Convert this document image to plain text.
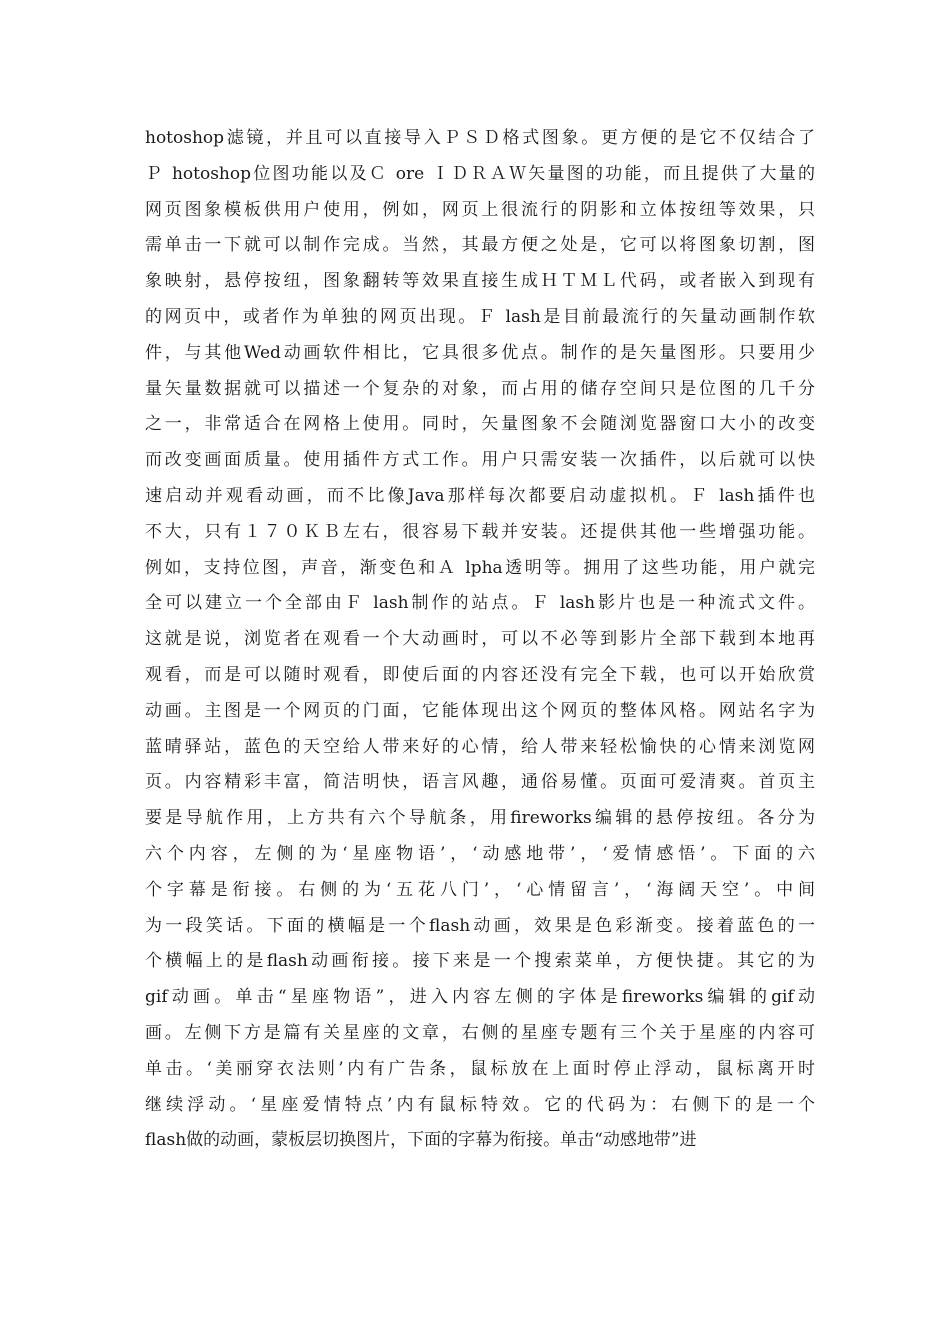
hotoshop滤镜，并且可以直接导入ＰＳＤ格式图象。更方便的是它不仅结合了
Ｐ hotoshop位图功能以及Ｃ ore ＩＤＲＡＷ矢量图的功能，而且提供了大量的
网页图象模板供用户使用，例如，网页上很流行的阴影和立体按纽等效果，只
需单击一下就可以制作完成。当然，其最方便之处是，它可以将图象切割，图
象映射，悬停按纽，图象翻转等效果直接生成ＨＴＭＬ代码，或者嵌入到现有
的网页中，或者作为单独的网页出现。Ｆ lash是目前最流行的矢量动画制作软
件，与其他Wed动画软件相比，它具很多优点。制作的是矢量图形。只要用少
量矢量数据就可以描述一个复杂的对象，而占用的储存空间只是位图的几千分
之一，非常适合在网格上使用。同时，矢量图象不会随浏览器窗口大小的改变
而改变画面质量。使用插件方式工作。用户只需安装一次插件，以后就可以快
速启动并观看动画，而不比像Java那样每次都要启动虚拟机。Ｆ lash插件也
不大，只有１７０ＫＢ左右，很容易下载并安装。还提供其他一些增强功能。
例如，支持位图，声音，渐变色和Ａ lpha透明等。拥用了这些功能，用户就完
全可以建立一个全部由Ｆ lash制作的站点。Ｆ lash影片也是一种流式文件。
这就是说，浏览者在观看一个大动画时，可以不必等到影片全部下载到本地再
观看，而是可以随时观看，即使后面的内容还没有完全下载，也可以开始欣赏
动画。主图是一个网页的门面，它能体现出这个网页的整体风格。网站名字为
蓝晴驿站，蓝色的天空给人带来好的心情，给人带来轻松愉快的心情来浏览网
页。内容精彩丰富，简洁明快，语言风趣，通俗易懂。页面可爱清爽。首页主
要是导航作用，上方共有六个导航条，用fireworks编辑的悬停按纽。各分为
六个内容，左侧的为‘星座物语’，‘动感地带’，‘爱情感悟’。下面的六
个字幕是衔接。右侧的为‘五花八门’，‘心情留言’，‘海阔天空’。中间
为一段笑话。下面的横幅是一个flash动画，效果是色彩渐变。接着蓝色的一
个横幅上的是flash动画衔接。接下来是一个搜索菜单，方便快捷。其它的为
gif动画。单击“星座物语”，进入内容左侧的字体是fireworks编辑的gif动
画。左侧下方是篇有关星座的文章，右侧的星座专题有三个关于星座的内容可
单击。‘美丽穿衣法则’内有广告条，鼠标放在上面时停止浮动，鼠标离开时
继续浮动。‘星座爱情特点’内有鼠标特效。它的代码为：右侧下的是一个
flash做的动画，蒙板层切换图片，下面的字幕为衔接。单击“动感地带”进
